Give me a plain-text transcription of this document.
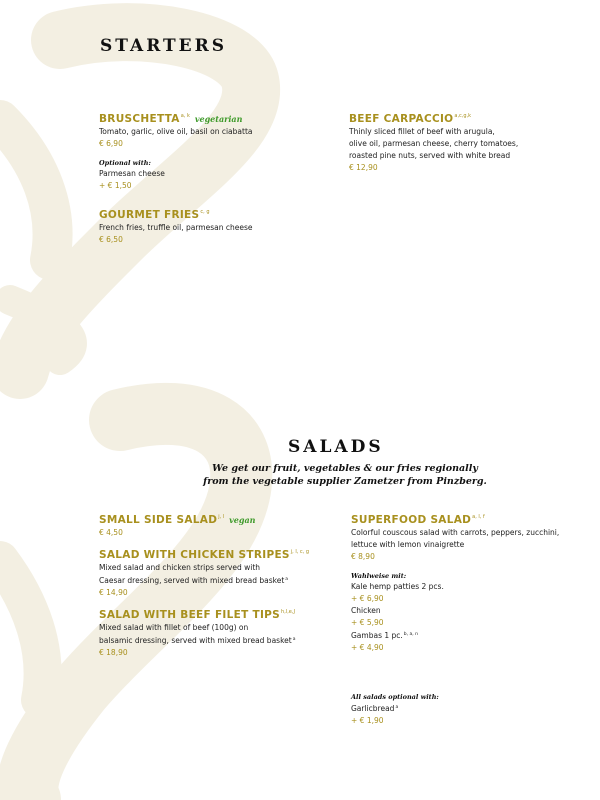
STARTERS
BRUSCHETTA$^{a, k}$ vegetarian
Tomato, garlic, olive oil, basil on ciabatta
€ 6,90
Optional with:
Parmesan cheese
+ € 1,50
GOURMET FRIES$^{c, g}$
French fries, truffle oil, parmesan cheese
€ 6,50
BEEF CARPACCIO$^{a,c,g,k}$
Thinly sliced fillet of beef with arugula,
olive oil, parmesan cheese, cherry tomatoes,
roasted pine nuts, served with white bread
€ 12,90
SALADS
We get our fruit, vegetables & our fries regionally
from the vegetable supplier Zametzer from Pinzberg.
SMALL SIDE SALAD$^{j, l}$ vegan
€ 4,50
SALAD WITH CHICKEN STRIPES$^{j, l, c, g}$
Mixed salad and chicken strips served with
Caesar dressing, served with mixed bread basket$^a$
€ 14,90
SALAD WITH BEEF FILET $TIPS^{h,l,e,J}$
Mixed salad with fillet of beef (100g) on
balsamic dressing, served with mixed bread basket$^a$
€ 18,90
SUPERFOOD SALAD$^{a, l, f}$
Colorful couscous salad with carrots, peppers, zucchini,
lettuce with lemon vinaigrette
€ 8,90
Wahlweise mit:
Kale hemp patties 2 pcs.
+ € 6,90
Chicken
+ € 5,90
Gambas 1 pc.$^{b, a, n}$
+ € 4,90
All salads optional with:
Garlicbread$^a$
+ € 1,90
